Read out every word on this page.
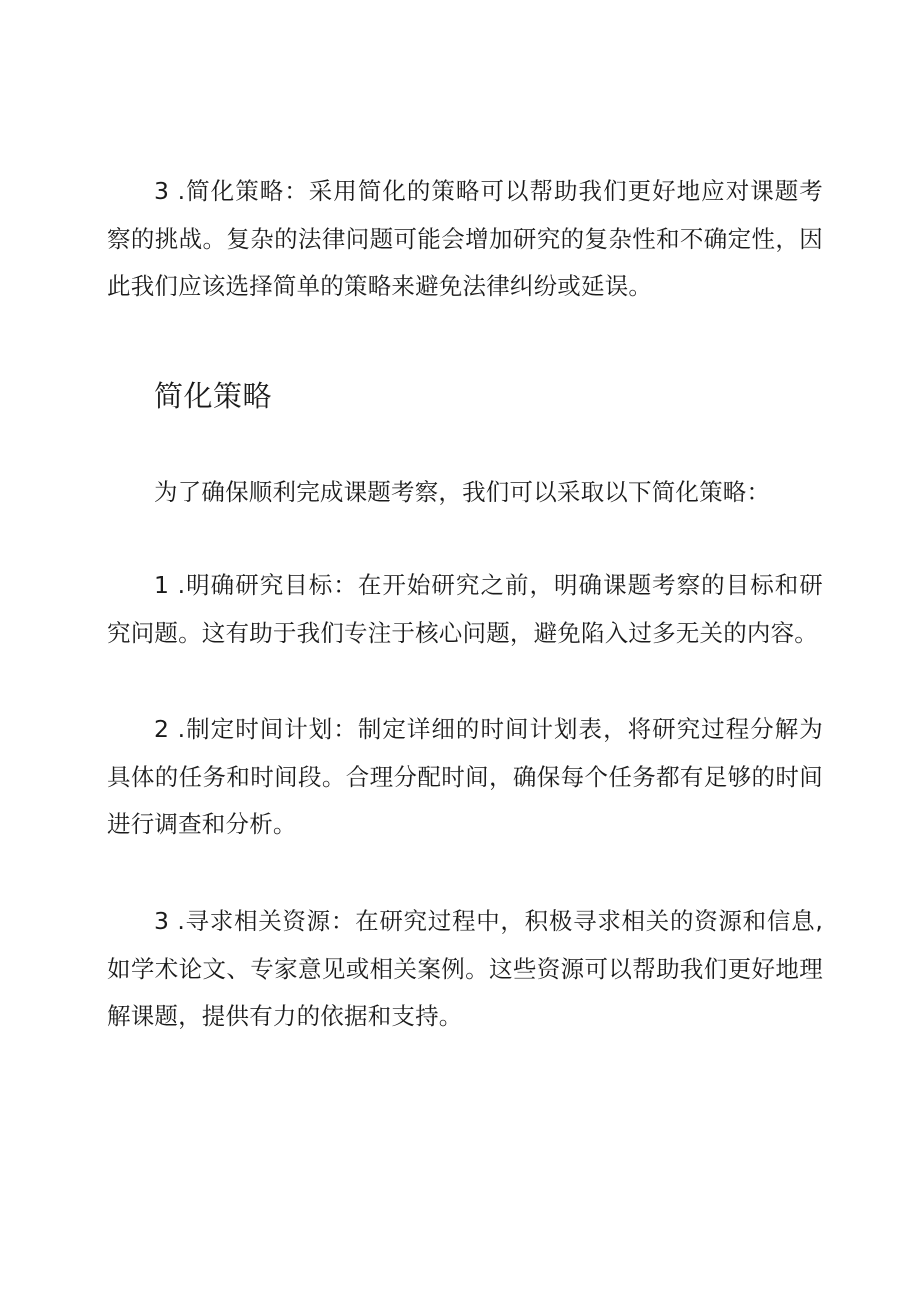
3 .简化策略：采用简化的策略可以帮助我们更好地应对课题考察的挑战。复杂的法律问题可能会增加研究的复杂性和不确定性，因此我们应该选择简单的策略来避免法律纠纷或延误。

简化策略

为了确保顺利完成课题考察，我们可以采取以下简化策略：

1 .明确研究目标：在开始研究之前，明确课题考察的目标和研究问题。这有助于我们专注于核心问题，避免陷入过多无关的内容。

2 .制定时间计划：制定详细的时间计划表，将研究过程分解为具体的任务和时间段。合理分配时间，确保每个任务都有足够的时间进行调查和分析。

3 .寻求相关资源：在研究过程中，积极寻求相关的资源和信息,如学术论文、专家意见或相关案例。这些资源可以帮助我们更好地理解课题，提供有力的依据和支持。
